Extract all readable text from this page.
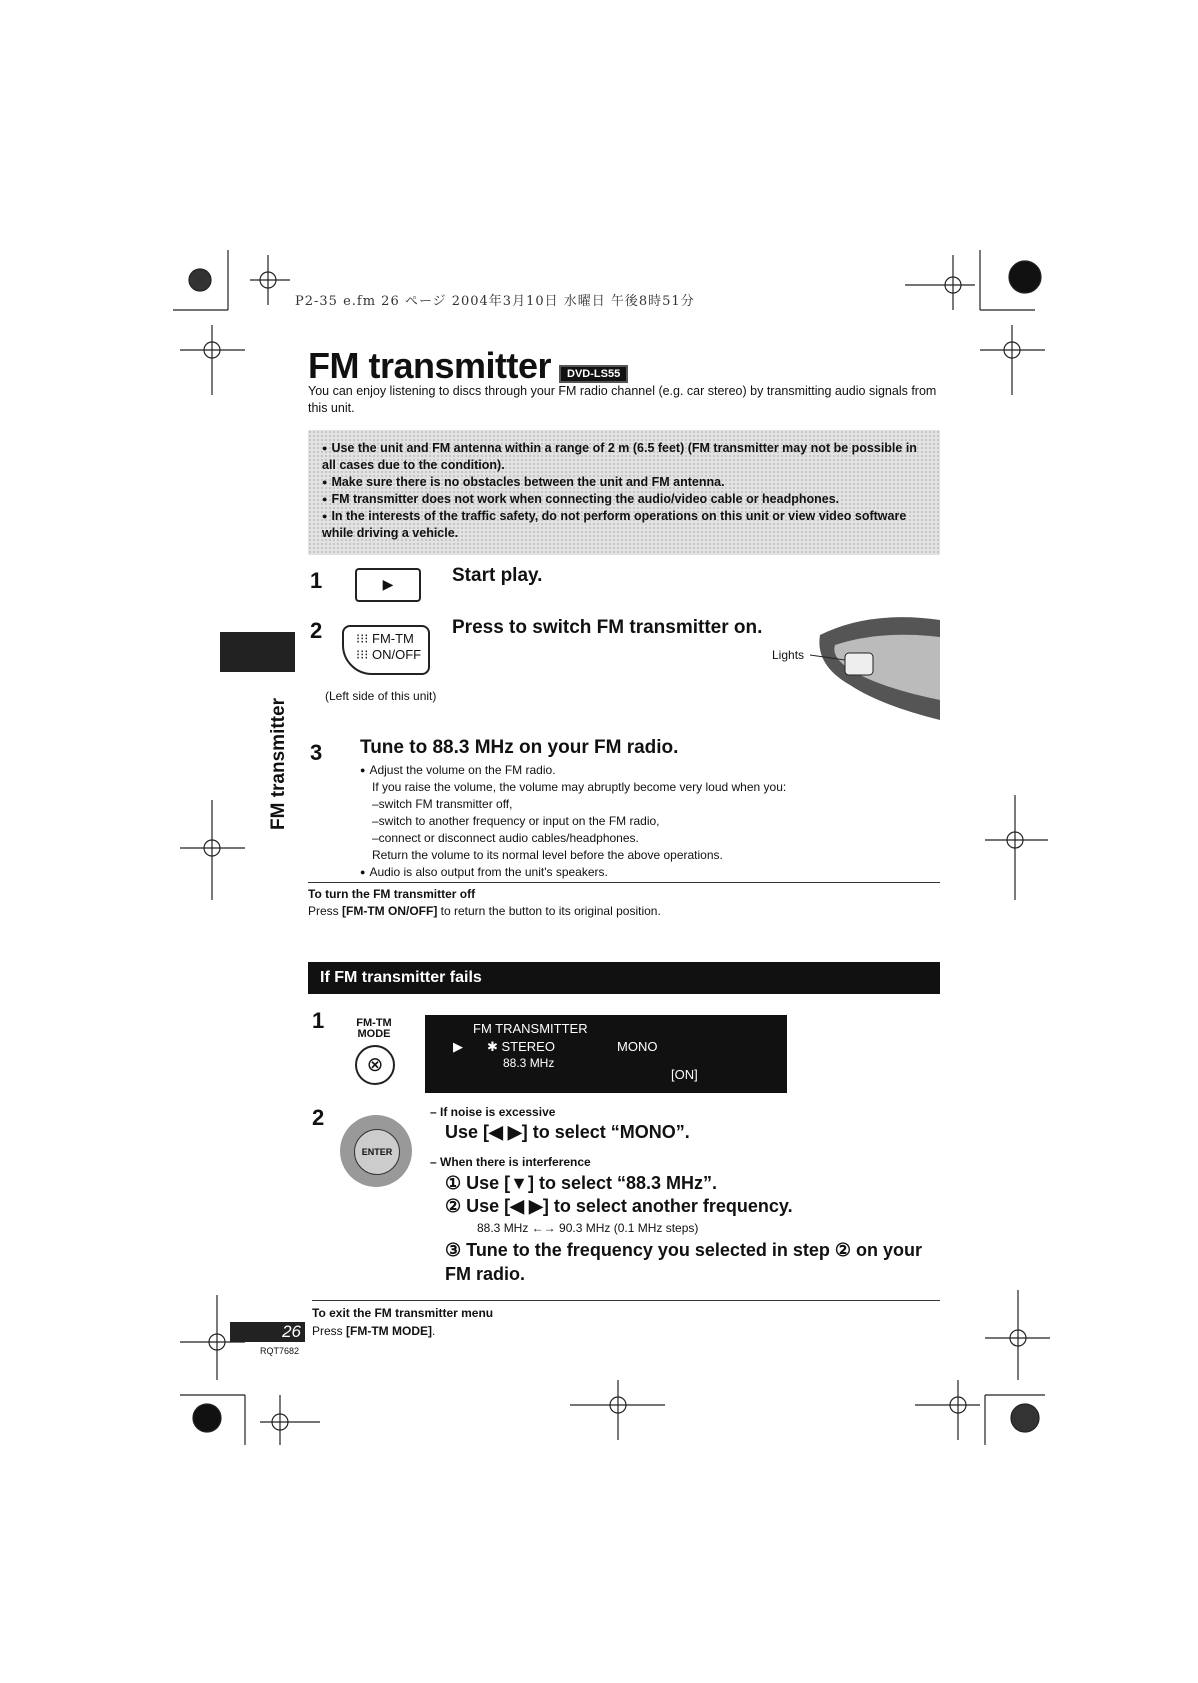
P2-35 e.fm 26 ページ 2004年3月10日 水曜日 午後8時51分
FM transmitter DVD-LS55
You can enjoy listening to discs through your FM radio channel (e.g. car stereo) by transmitting audio signals from this unit.
● Use the unit and FM antenna within a range of 2 m (6.5 feet) (FM transmitter may not be possible in all cases due to the condition).
● Make sure there is no obstacles between the unit and FM antenna.
● FM transmitter does not work when connecting the audio/video cable or headphones.
● In the interests of the traffic safety, do not perform operations on this unit or view video software while driving a vehicle.
FM transmitter
1	▶	Start play.
2	⁝⁝⁝ FM-TM
⁝⁝⁝ ON/OFF
Press to switch FM transmitter on.
(Left side of this unit)
Lights
3 Tune to 88.3 MHz on your FM radio.
● Adjust the volume on the FM radio.
If you raise the volume, the volume may abruptly become very loud when you:
–switch FM transmitter off,
–switch to another frequency or input on the FM radio,
–connect or disconnect audio cables/headphones.
Return the volume to its normal level before the above operations.
● Audio is also output from the unit's speakers.
To turn the FM transmitter off
Press [FM-TM ON/OFF] to return the button to its original position.
If FM transmitter fails
1	FM-TM
MODE
⊗
FM TRANSMITTER
▶ ✱ STEREO	MONO
88.3 MHz
[ON]
2
ENTER
– If noise is excessive
Use [◀ ▶] to select “MONO”.
– When there is interference
① Use [▼] to select “88.3 MHz”.
② Use [◀ ▶] to select another frequency.
88.3 MHz ←→ 90.3 MHz (0.1 MHz steps)
③ Tune to the frequency you selected in step ② on your FM radio.
To exit the FM transmitter menu
Press [FM-TM MODE].
26
RQT7682
